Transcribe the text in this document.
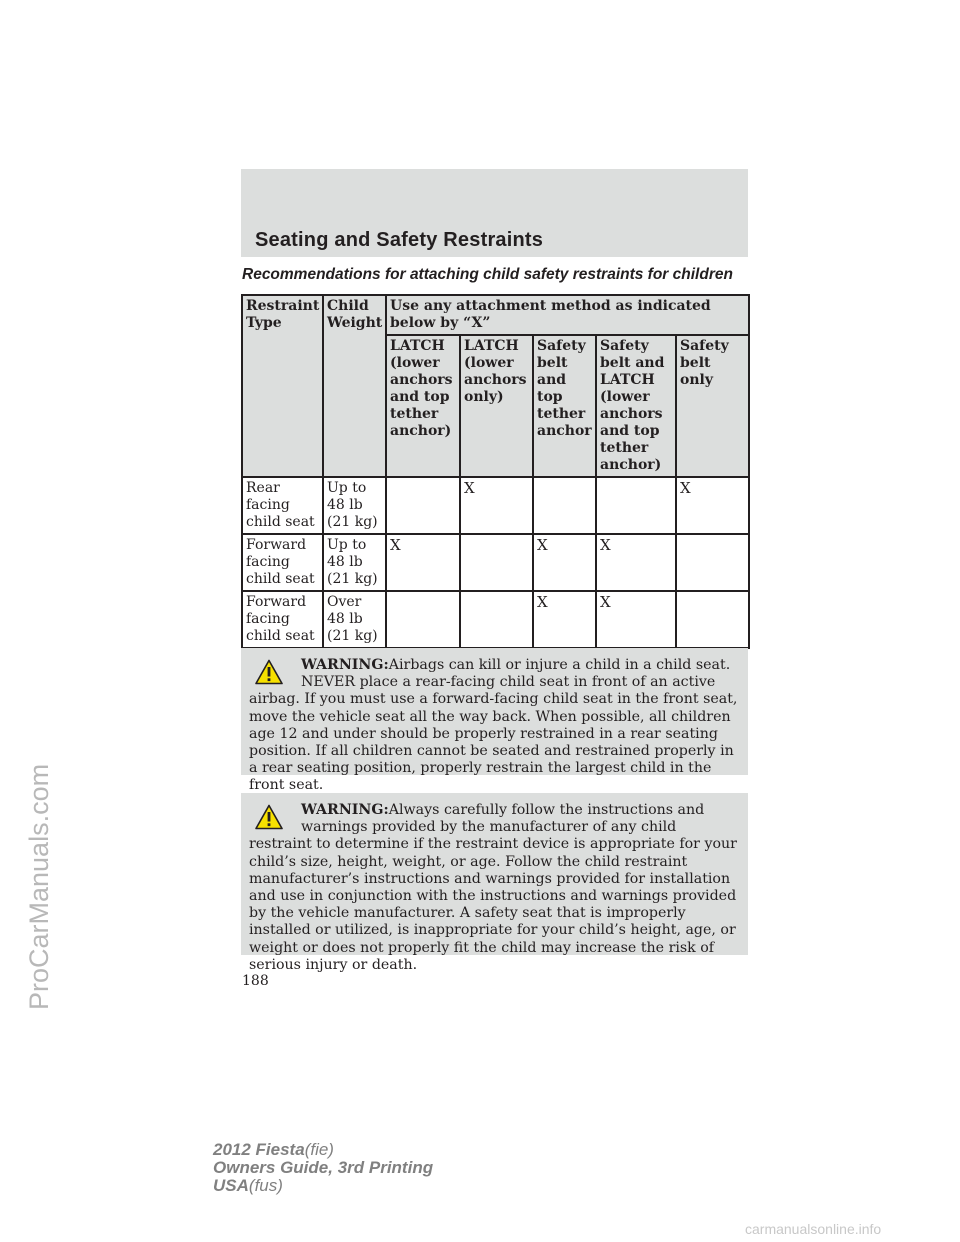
Seating and Safety Restraints
Recommendations for attaching child safety restraints for children
Restraint Type	Child Weight	Use any attachment method as indicated below by “X”				
		LATCH (lower anchors and top tether anchor)	LATCH (lower anchors only)	Safety belt and top tether anchor	Safety belt and LATCH (lower anchors and top tether anchor)	Safety belt only
Rear facing child seat	Up to 48 lb (21 kg)		X			X
Forward facing child seat	Up to 48 lb (21 kg)	X		X	X	
Forward facing child seat	Over 48 lb (21 kg)			X	X	

WARNING:Airbags can kill or injure a child in a child seat. NEVER place a rear-facing child seat in front of an active airbag. If you must use a forward-facing child seat in the front seat, move the vehicle seat all the way back. When possible, all children age 12 and under should be properly restrained in a rear seating position. If all children cannot be seated and restrained properly in a rear seating position, properly restrain the largest child in the front seat.

WARNING:Always carefully follow the instructions and warnings provided by the manufacturer of any child restraint to determine if the restraint device is appropriate for your child’s size, height, weight, or age. Follow the child restraint manufacturer’s instructions and warnings provided for installation and use in conjunction with the instructions and warnings provided by the vehicle manufacturer. A safety seat that is improperly installed or utilized, is inappropriate for your child’s height, age, or weight or does not properly fit the child may increase the risk of serious injury or death.

188
2012 Fiesta(fie)
Owners Guide, 3rd Printing
USA(fus)
ProCarManuals.com
carmanualsonline.info
